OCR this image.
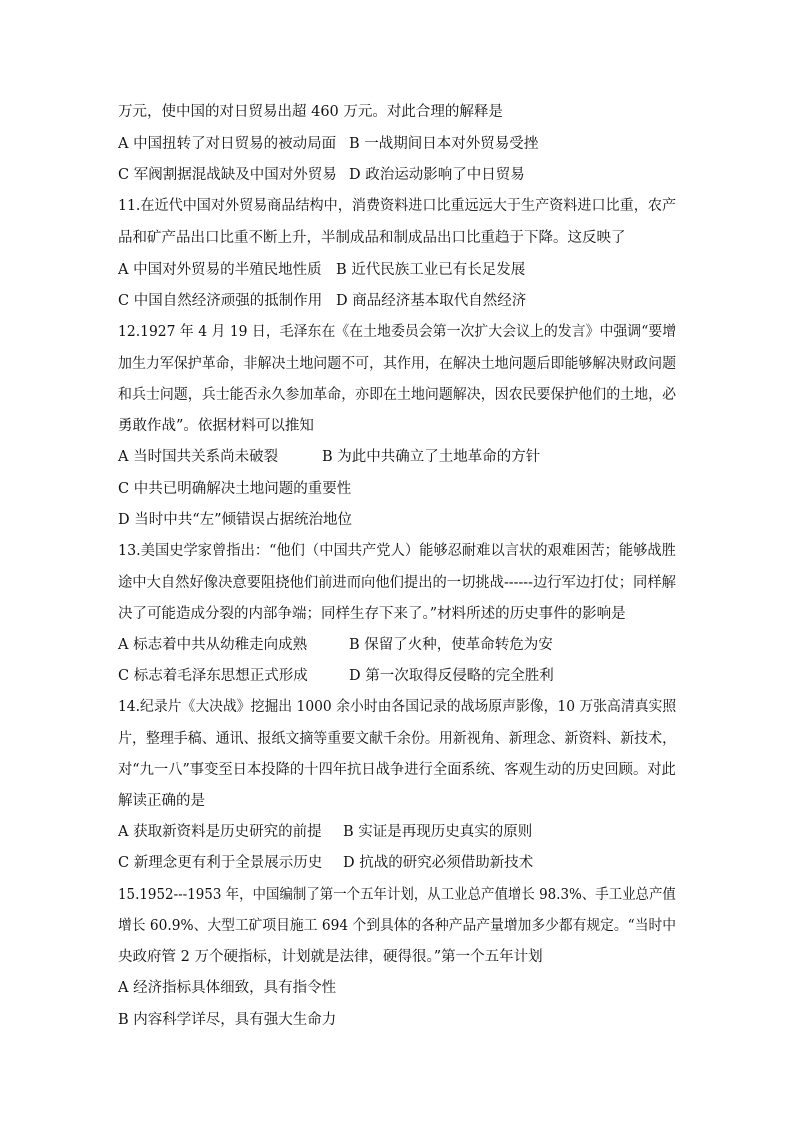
万元，使中国的对日贸易出超 460 万元。对此合理的解释是
A 中国扭转了对日贸易的被动局面 B 一战期间日本对外贸易受挫
C 军阀割据混战缺及中国对外贸易 D 政治运动影响了中日贸易
11.在近代中国对外贸易商品结构中，消费资料进口比重远远大于生产资料进口比重，农产
品和矿产品出口比重不断上升，半制成品和制成品出口比重趋于下降。这反映了
A 中国对外贸易的半殖民地性质 B 近代民族工业已有长足发展
C 中国自然经济顽强的抵制作用 D 商品经济基本取代自然经济
12.1927 年 4 月 19 日，毛泽东在《在土地委员会第一次扩大会议上的发言》中强调“要增
加生力军保护革命，非解决土地问题不可，其作用，在解决土地问题后即能够解决财政问题
和兵士问题，兵士能否永久参加革命，亦即在土地问题解决，因农民要保护他们的土地，必
勇敢作战”。依据材料可以推知
A 当时国共关系尚未破裂	B 为此中共确立了土地革命的方针
C 中共已明确解决土地问题的重要性
D 当时中共“左”倾错误占据统治地位
13.美国史学家曾指出：“他们（中国共产党人）能够忍耐难以言状的艰难困苦；能够战胜
途中大自然好像决意要阻挠他们前进而向他们提出的一切挑战------边行军边打仗；同样解
决了可能造成分裂的内部争端；同样生存下来了。”材料所述的历史事件的影响是
A 标志着中共从幼稚走向成熟	B 保留了火种，使革命转危为安
C 标志着毛泽东思想正式形成	D 第一次取得反侵略的完全胜利
14.纪录片《大决战》挖掘出 1000 余小时由各国记录的战场原声影像，10 万张高清真实照
片，整理手稿、通讯、报纸文摘等重要文献千余份。用新视角、新理念、新资料、新技术，
对“九一八”事变至日本投降的十四年抗日战争进行全面系统、客观生动的历史回顾。对此
解读正确的是
A 获取新资料是历史研究的前提 B 实证是再现历史真实的原则
C 新理念更有利于全景展示历史 D 抗战的研究必须借助新技术
15.1952---1953 年，中国编制了第一个五年计划，从工业总产值增长 98.3%、手工业总产值
增长 60.9%、大型工矿项目施工 694 个到具体的各种产品产量增加多少都有规定。“当时中
央政府管 2 万个硬指标，计划就是法律，硬得很。”第一个五年计划
A 经济指标具体细致，具有指令性
B 内容科学详尽，具有强大生命力
